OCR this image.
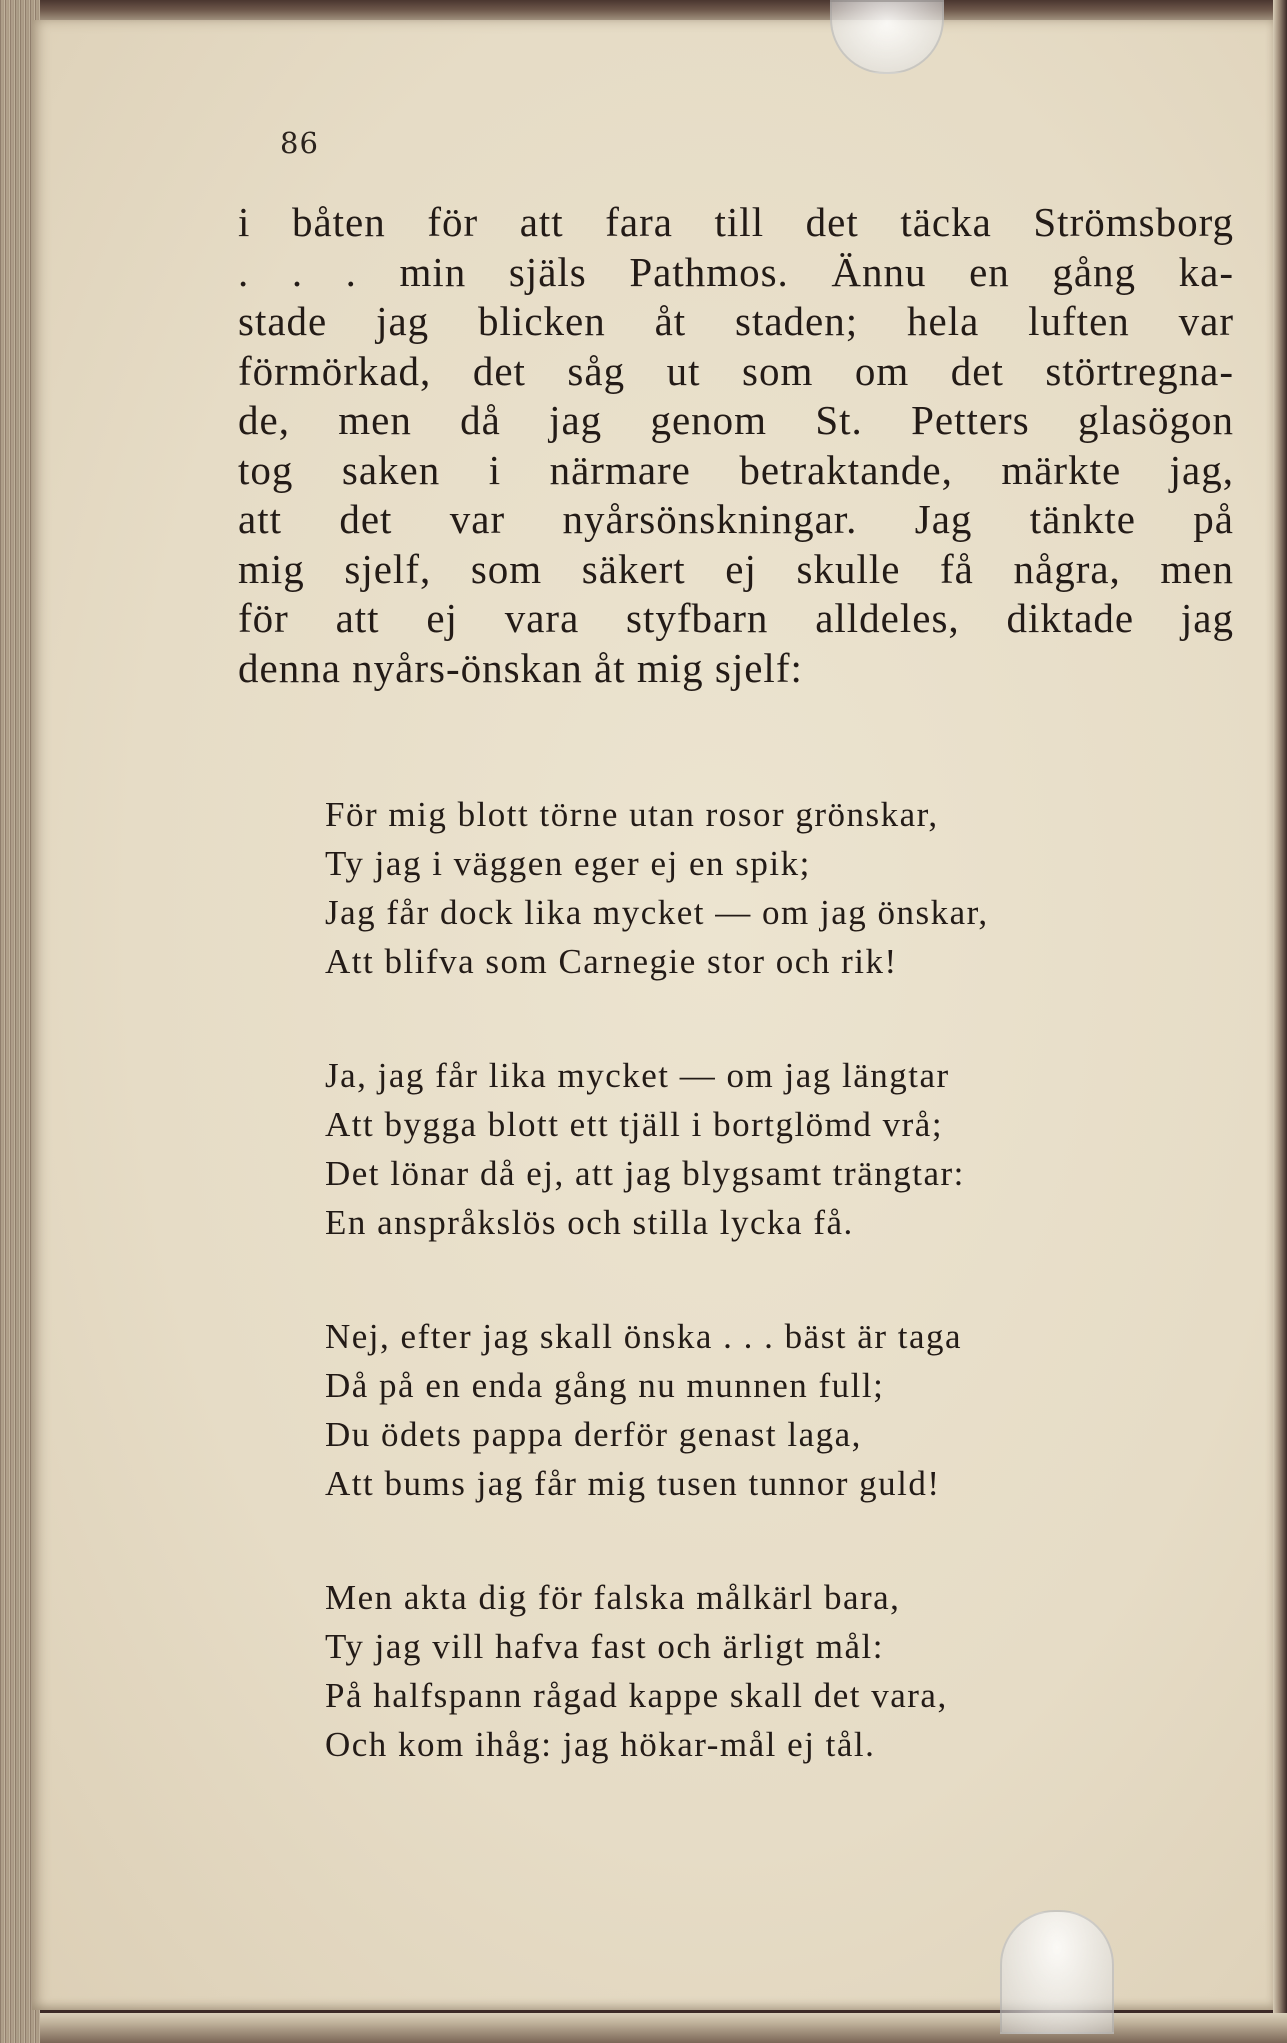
86
i båten för att fara till det täcka Strömsborg
. . . min själs Pathmos. Ännu en gång ka-
stade jag blicken åt staden; hela luften var
förmörkad, det såg ut som om det störtregna-
de, men då jag genom St. Petters glasögon
tog saken i närmare betraktande, märkte jag,
att det var nyårsönskningar. Jag tänkte på
mig sjelf, som säkert ej skulle få några, men
för att ej vara styfbarn alldeles, diktade jag
denna nyårs-önskan åt mig sjelf:
För mig blott törne utan rosor grönskar,
Ty jag i väggen eger ej en spik;
Jag får dock lika mycket — om jag önskar,
Att blifva som Carnegie stor och rik!
Ja, jag får lika mycket — om jag längtar
Att bygga blott ett tjäll i bortglömd vrå;
Det lönar då ej, att jag blygsamt trängtar:
En anspråkslös och stilla lycka få.
Nej, efter jag skall önska . . . bäst är taga
Då på en enda gång nu munnen full;
Du ödets pappa derför genast laga,
Att bums jag får mig tusen tunnor guld!
Men akta dig för falska målkärl bara,
Ty jag vill hafva fast och ärligt mål:
På halfspann rågad kappe skall det vara,
Och kom ihåg: jag hökar-mål ej tål.
